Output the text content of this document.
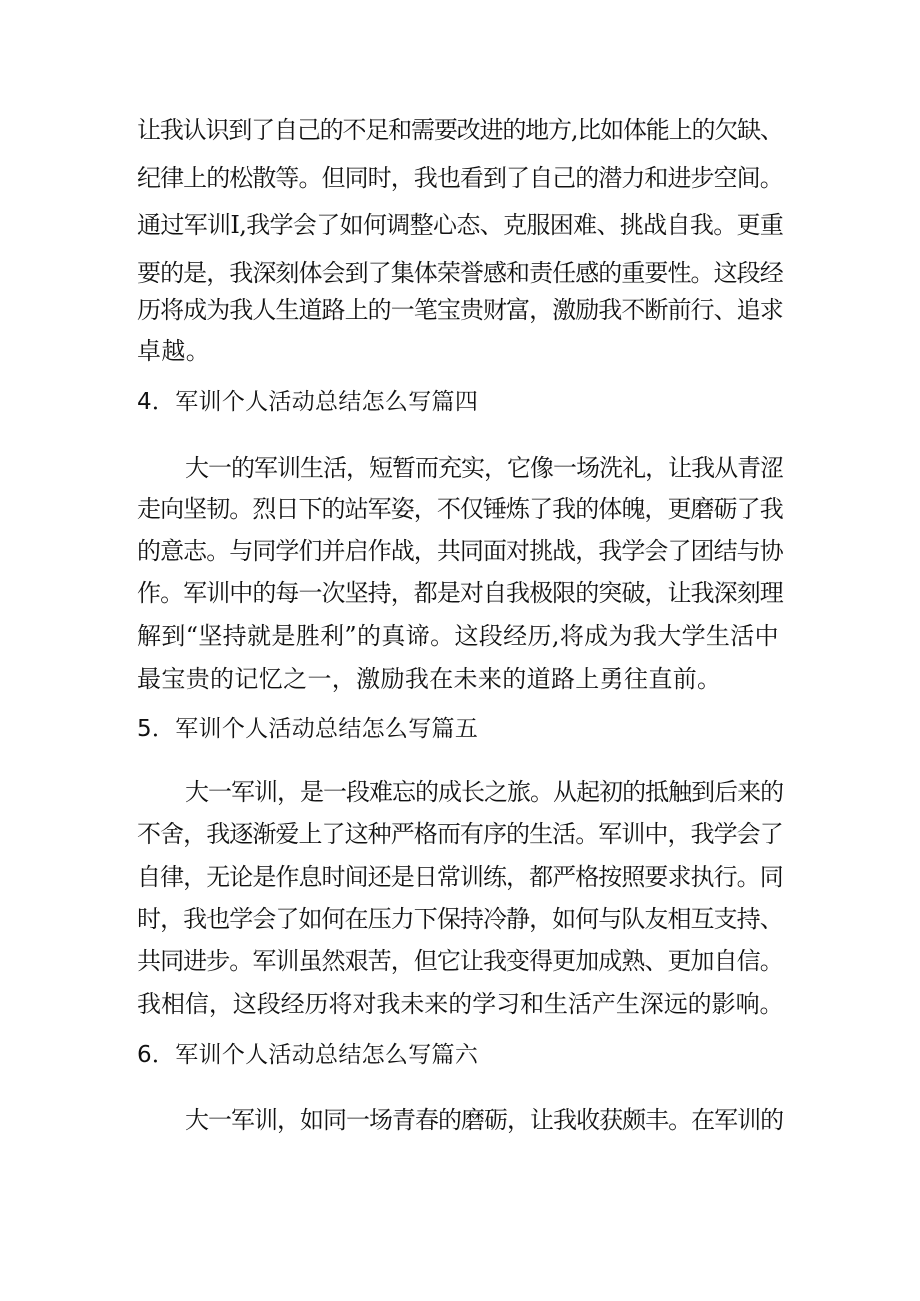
让我认识到了自己的不足和需要改进的地方,比如体能上的欠缺、
纪律上的松散等。但同时，我也看到了自己的潜力和进步空间。
通过军训I,我学会了如何调整心态、克服困难、挑战自我。更重
要的是，我深刻体会到了集体荣誉感和责任感的重要性。这段经
历将成为我人生道路上的一笔宝贵财富，激励我不断前行、追求
卓越。
4．军训个人活动总结怎么写篇四
大一的军训生活，短暂而充实，它像一场洗礼，让我从青涩
走向坚韧。烈日下的站军姿，不仅锤炼了我的体魄，更磨砺了我
的意志。与同学们并启作战，共同面对挑战，我学会了团结与协
作。军训中的每一次坚持，都是对自我极限的突破，让我深刻理
解到“坚持就是胜利”的真谛。这段经历,将成为我大学生活中
最宝贵的记忆之一，激励我在未来的道路上勇往直前。
5．军训个人活动总结怎么写篇五
大一军训，是一段难忘的成长之旅。从起初的抵触到后来的
不舍，我逐渐爱上了这种严格而有序的生活。军训中，我学会了
自律，无论是作息时间还是日常训练，都严格按照要求执行。同
时，我也学会了如何在压力下保持冷静，如何与队友相互支持、
共同进步。军训虽然艰苦，但它让我变得更加成熟、更加自信。
我相信，这段经历将对我未来的学习和生活产生深远的影响。
6．军训个人活动总结怎么写篇六
大一军训，如同一场青春的磨砺，让我收获颇丰。在军训的
